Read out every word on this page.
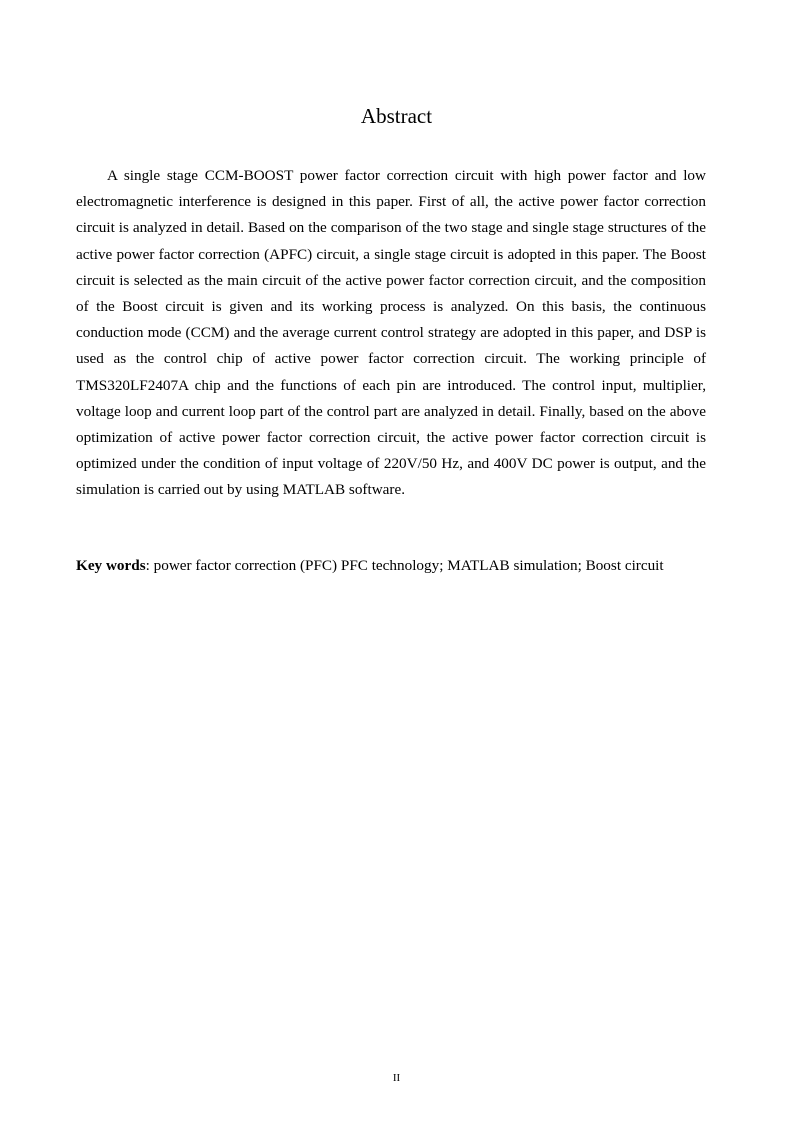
Abstract

A single stage CCM-BOOST power factor correction circuit with high power factor and low electromagnetic interference is designed in this paper. First of all, the active power factor correction circuit is analyzed in detail. Based on the comparison of the two stage and single stage structures of the active power factor correction (APFC) circuit, a single stage circuit is adopted in this paper. The Boost circuit is selected as the main circuit of the active power factor correction circuit, and the composition of the Boost circuit is given and its working process is analyzed. On this basis, the continuous conduction mode (CCM) and the average current control strategy are adopted in this paper, and DSP is used as the control chip of active power factor correction circuit. The working principle of TMS320LF2407A chip and the functions of each pin are introduced. The control input, multiplier, voltage loop and current loop part of the control part are analyzed in detail. Finally, based on the above optimization of active power factor correction circuit, the active power factor correction circuit is optimized under the condition of input voltage of 220V/50 Hz, and 400V DC power is output, and the simulation is carried out by using MATLAB software.

Key words: power factor correction (PFC) PFC technology; MATLAB simulation; Boost circuit

II
